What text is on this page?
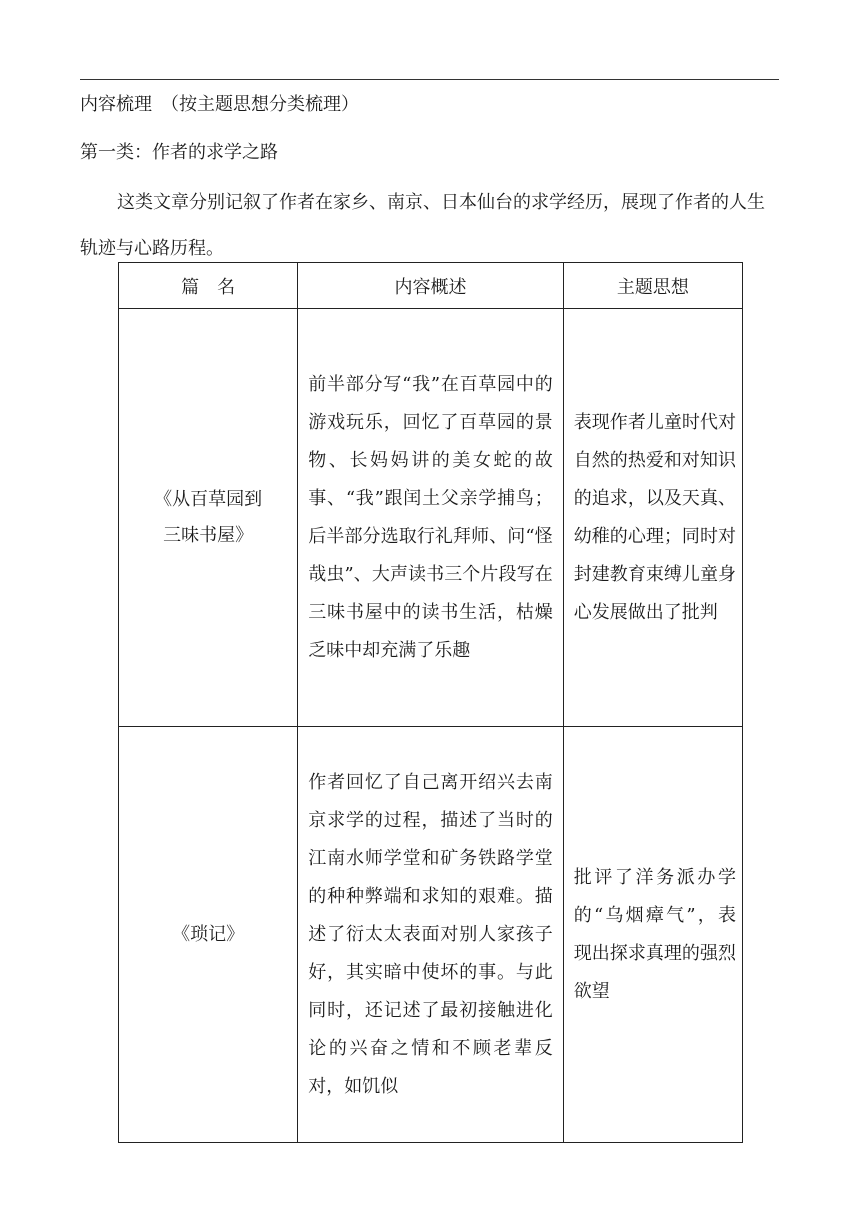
内容梳理　（按主题思想分类梳理）
第一类：作者的求学之路

这类文章分别记叙了作者在家乡、南京、日本仙台的求学经历，展现了作者的人生轨迹与心路历程。

篇　名	内容概述	主题思想

《从百草园到
三味书屋》	前半部分写“我”在百草园中的游戏玩乐，回忆了百草园的景物、长妈妈讲的美女蛇的故事、“我”跟闰土父亲学捕鸟；后半部分选取行礼拜师、问“怪哉虫”、大声读书三个片段写在三味书屋中的读书生活，枯燥乏味中却充满了乐趣	表现作者儿童时代对自然的热爱和对知识的追求，以及天真、幼稚的心理；同时对封建教育束缚儿童身心发展做出了批判

《琐记》	作者回忆了自己离开绍兴去南京求学的过程，描述了当时的江南水师学堂和矿务铁路学堂的种种弊端和求知的艰难。描述了衍太太表面对别人家孩子好，其实暗中使坏的事。与此同时，还记述了最初接触进化论的兴奋之情和不顾老辈反对，如饥似	批评了洋务派办学的“乌烟瘴气”，表现出探求真理的强烈欲望
